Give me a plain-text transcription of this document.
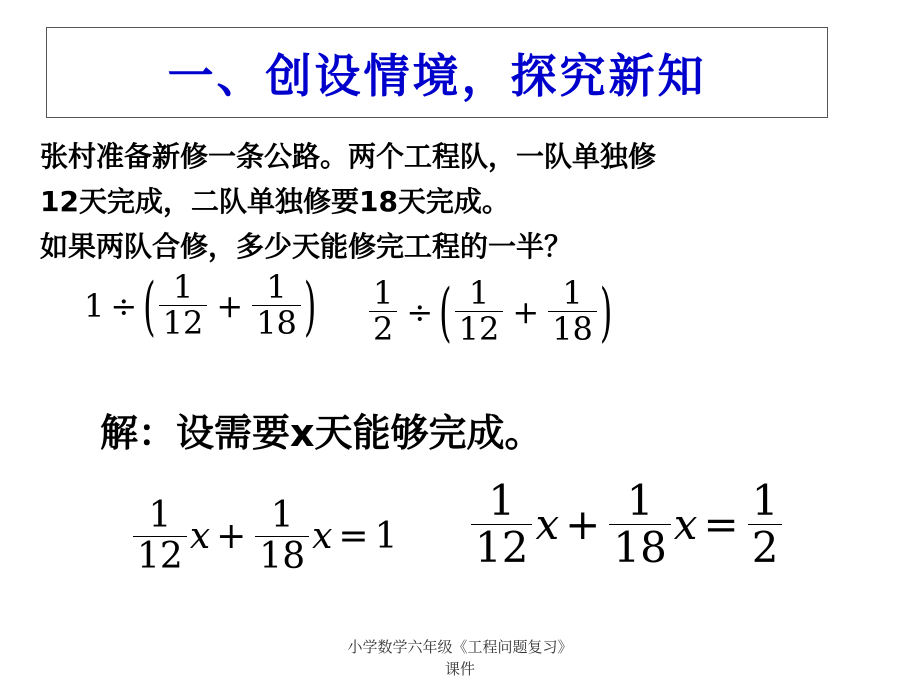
一、创设情境，探究新知
张村准备新修一条公路。两个工程队，一队单独修
12天完成，二队单独修要18天完成。
如果两队合修，多少天能修完工程的一半？
1 ÷ ( $\frac{1}{12} + \frac{1}{18}$ ) $\frac{1}{2}$ ÷ ( $\frac{1}{12} + \frac{1}{18}$ )
解：设需要x天能够完成。
$\frac{1}{12}$ $x + \frac{1}{18}$ $x = 1 \frac{1}{12}$ $x + \frac{1}{18}$ $x = \frac{1}{2}$
小学数学六年级《工程问题复习》
课件
